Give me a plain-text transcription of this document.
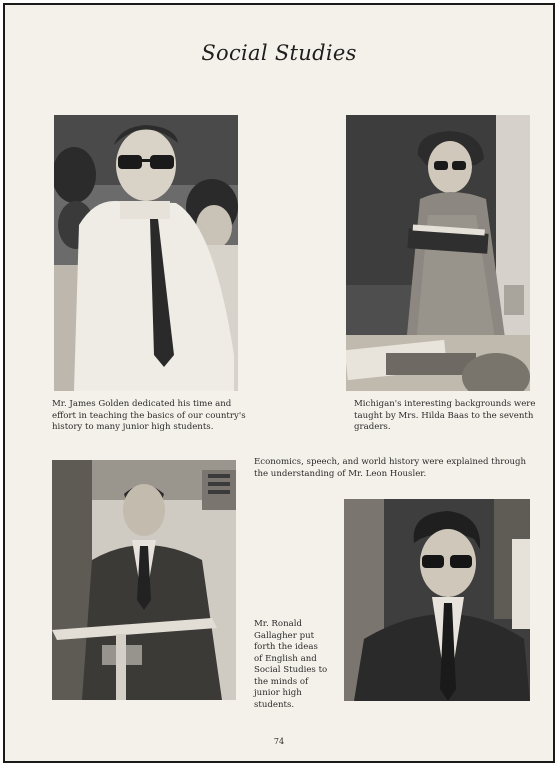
Social Studies
Mr. James Golden dedicated his time and
effort in teaching the basics of our country's
history to many junior high students.
Michigan's interesting backgrounds were
taught by Mrs. Hilda Baas to the seventh
graders.
Economics, speech, and world history were explained through
the understanding of Mr. Leon Housler.
Mr. Ronald
Gallagher put
forth the ideas
of English and
Social Studies to
the minds of
junior high
students.
74
